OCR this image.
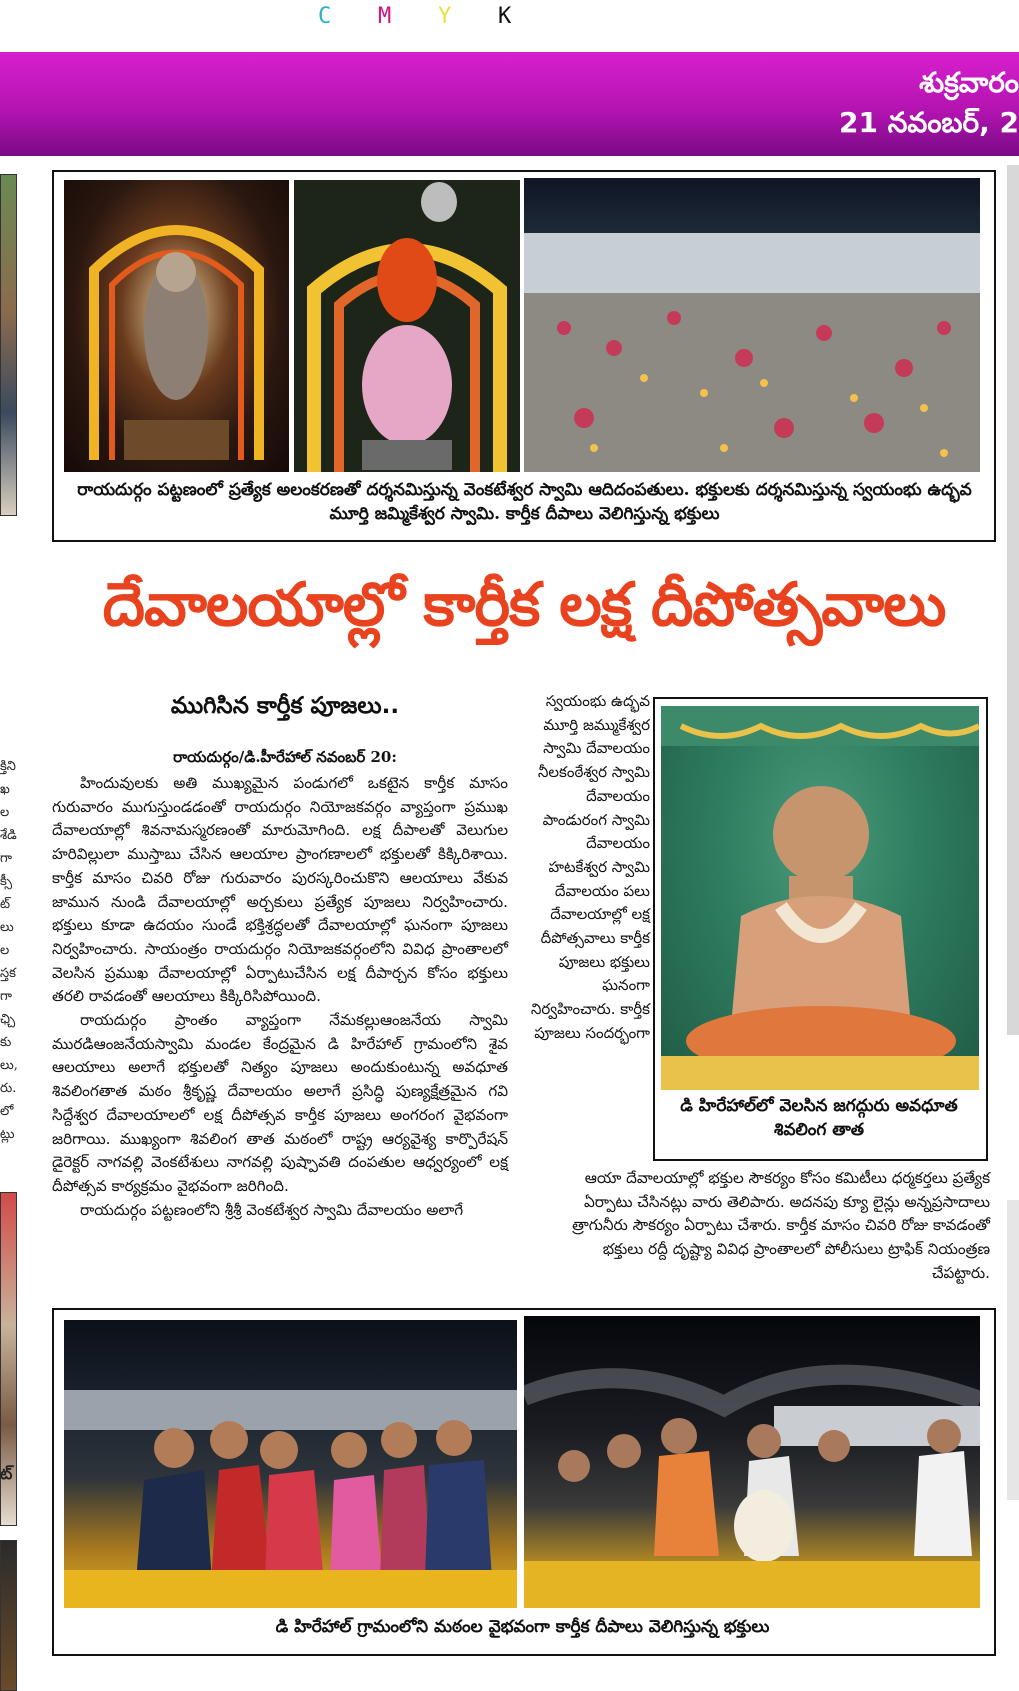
C M Y K
శుక్రవారం
21 నవంబర్, 2
క్తిని
ఖ
ల
శేడి
గా
క్సీ
ట్
లు
ల
స్తక
గా
ఛ్చి
కు
లు,
రు.
లో
ట్లు
ట్
రాయదుర్గం పట్టణంలో ప్రత్యేక అలంకరణతో దర్శనమిస్తున్న వెంకటేశ్వర స్వామి ఆదిదంపతులు. భక్తులకు దర్శనమిస్తున్న స్వయంభు ఉద్భవ మూర్తి జమ్మికేశ్వర స్వామి. కార్తీక దీపాలు వెలిగిస్తున్న భక్తులు
దేవాలయాల్లో కార్తీక లక్ష దీపోత్సవాలు
ముగిసిన కార్తీక పూజలు..
రాయదుర్గం/డి.హీరేహాల్ నవంబర్ 20:

హిందువులకు అతి ముఖ్యమైన పండుగలో ఒకటైన కార్తీక మాసం గురువారం ముగుస్తుండడంతో రాయదుర్గం నియోజకవర్గం వ్యాప్తంగా ప్రముఖ దేవాలయాల్లో శివనామస్మరణంతో మారుమోగింది. లక్ష దీపాలతో వెలుగుల హరివిల్లులా ముస్తాబు చేసిన ఆలయాల ప్రాంగణాలలో భక్తులతో కిక్కిరిశాయి. కార్తీక మాసం చివరి రోజు గురువారం పురస్కరించుకొని ఆలయాలు వేకువ జామున నుండి దేవాలయాల్లో అర్చకులు ప్రత్యేక పూజలు నిర్వహించారు. భక్తులు కూడా ఉదయం సుండే భక్తిశ్రద్ధలతో దేవాలయాల్లో ఘనంగా పూజలు నిర్వహించారు. సాయంత్రం రాయదుర్గం నియోజకవర్గంలోని వివిధ ప్రాంతాలలో వెలసిన ప్రముఖ దేవాలయాల్లో ఏర్పాటుచేసిన లక్ష దీపార్చన కోసం భక్తులు తరలి రావడంతో ఆలయాలు కిక్కిరిసిపోయింది.

రాయదుర్గం ప్రాంతం వ్యాప్తంగా నేమకల్లుఆంజనేయ స్వామి మురడిఆంజనేయస్వామి మండల కేంద్రమైన డి హిరేహాల్ గ్రామంలోని శైవ ఆలయాలు అలాగే భక్తులతో నిత్యం పూజలు అందుకుంటున్న అవధూత శివలింగతాత మఠం శ్రీకృష్ణ దేవాలయం అలాగే ప్రసిద్ధి పుణ్యక్షేత్రమైన గవి సిద్దేశ్వర దేవాలయాలలో లక్ష దీపోత్సవ కార్తీక పూజలు అంగరంగ వైభవంగా జరిగాయి. ముఖ్యంగా శివలింగ తాత మఠంలో రాష్ట్ర ఆర్యవైశ్య కార్పొరేషన్ డైరెక్టర్ నాగవల్లి వెంకటేశులు నాగవల్లి పుష్పావతి దంపతుల ఆధ్వర్యంలో లక్ష దీపోత్సవ కార్యక్రమం వైభవంగా జరిగింది.

రాయదుర్గం పట్టణంలోని శ్రీశ్రీ వెంకటేశ్వర స్వామి దేవాలయం అలాగే

స్వయంభు ఉద్భవ మూర్తి జమ్ముకేశ్వర స్వామి దేవాలయం నీలకంఠేశ్వర స్వామి దేవాలయం పాండురంగ స్వామి దేవాలయం హటకేశ్వర స్వామి దేవాలయం పలు దేవాలయాల్లో లక్ష దీపోత్సవాలు కార్తీక పూజలు భక్తులు ఘనంగా నిర్వహించారు. కార్తీక పూజలు సందర్భంగా
డి హిరేహాల్‌లో వెలసిన జగద్గురు అవధూత శివలింగ తాత
ఆయా దేవాలయాల్లో భక్తుల సౌకర్యం కోసం కమిటీలు ధర్మకర్తలు ప్రత్యేక ఏర్పాటు చేసినట్లు వారు తెలిపారు. అదనపు క్యూ లైన్లు అన్నప్రసాదాలు త్రాగునీరు సౌకర్యం ఏర్పాటు చేశారు. కార్తీక మాసం చివరి రోజు కావడంతో భక్తులు రద్దీ దృష్ట్యా వివిధ ప్రాంతాలలో పోలీసులు ట్రాఫిక్ నియంత్రణ చేపట్టారు.
డి హిరేహాల్ గ్రామంలోని మఠంల వైభవంగా కార్తీక దీపాలు వెలిగిస్తున్న భక్తులు
